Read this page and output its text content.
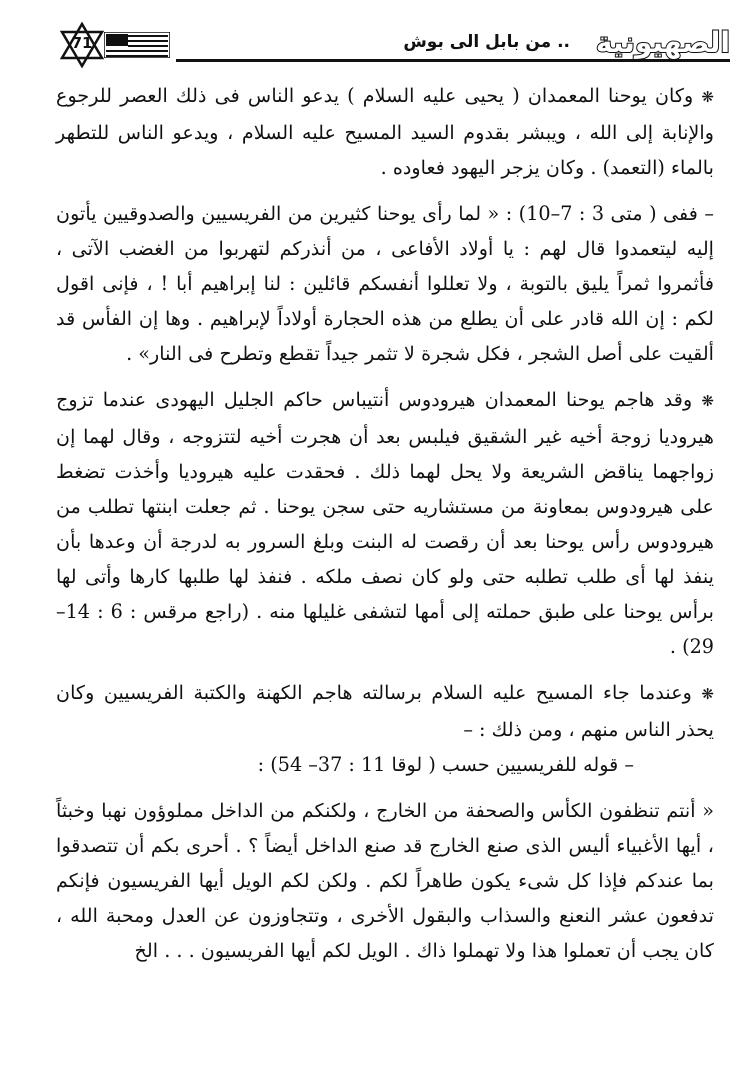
الصهيونية
.. من بابل الى بوش
71

❋ وكان يوحنا المعمدان ( يحيى عليه السلام ) يدعو الناس فى ذلك العصر للرجوع والإنابة إلى الله ، ويبشر بقدوم السيد المسيح عليه السلام ، ويدعو الناس للتطهر بالماء (التعمد) . وكان يزجر اليهود فعاوده .

– ففى ( متى 3 : 7–10) : « لما رأى يوحنا كثيرين من الفريسيين والصدوقيين يأتون إليه ليتعمدوا قال لهم : يا أولاد الأفاعى ، من أنذركم لتهربوا من الغضب الآتى ، فأثمروا ثمراً يليق بالتوبة ، ولا تعللوا أنفسكم قائلين : لنا إبراهيم أبا ! ، فإنى اقول لكم : إن الله قادر على أن يطلع من هذه الحجارة أولاداً لإبراهيم . وها إن الفأس قد ألقيت على أصل الشجر ، فكل شجرة لا تثمر جيداً تقطع وتطرح فى النار» .

❋ وقد هاجم يوحنا المعمدان هيرودوس أنتيباس حاكم الجليل اليهودى عندما تزوج هيروديا زوجة أخيه غير الشقيق فيلبس بعد أن هجرت أخيه لتتزوجه ، وقال لهما إن زواجهما يناقض الشريعة ولا يحل لهما ذلك . فحقدت عليه هيروديا وأخذت تضغط على هيرودوس بمعاونة من مستشاريه حتى سجن يوحنا . ثم جعلت ابنتها تطلب من هيرودوس رأس يوحنا بعد أن رقصت له البنت وبلغ السرور به لدرجة أن وعدها بأن ينفذ لها أى طلب تطلبه حتى ولو كان نصف ملكه . فنفذ لها طلبها كارها وأتى لها برأس يوحنا على طبق حملته إلى أمها لتشفى غليلها منه . (راجع مرقس : 6 : 14– 29) .

❋ وعندما جاء المسيح عليه السلام برسالته هاجم الكهنة والكتبة الفريسيين وكان يحذر الناس منهم ، ومن ذلك : –

– قوله للفريسيين حسب ( لوقا 11 : 37– 54) :

« أنتم تنظفون الكأس والصحفة من الخارج ، ولكنكم من الداخل مملوؤون نهبا وخبثاً ، أيها الأغبياء أليس الذى صنع الخارج قد صنع الداخل أيضاً ؟ . أحرى بكم أن تتصدقوا بما عندكم فإذا كل شىء يكون طاهراً لكم . ولكن لكم الويل أيها الفريسيون فإنكم تدفعون عشر النعنع والسذاب والبقول الأخرى ، وتتجاوزون عن العدل ومحبة الله ، كان يجب أن تعملوا هذا ولا تهملوا ذاك . الويل لكم أيها الفريسيون . . . الخ
